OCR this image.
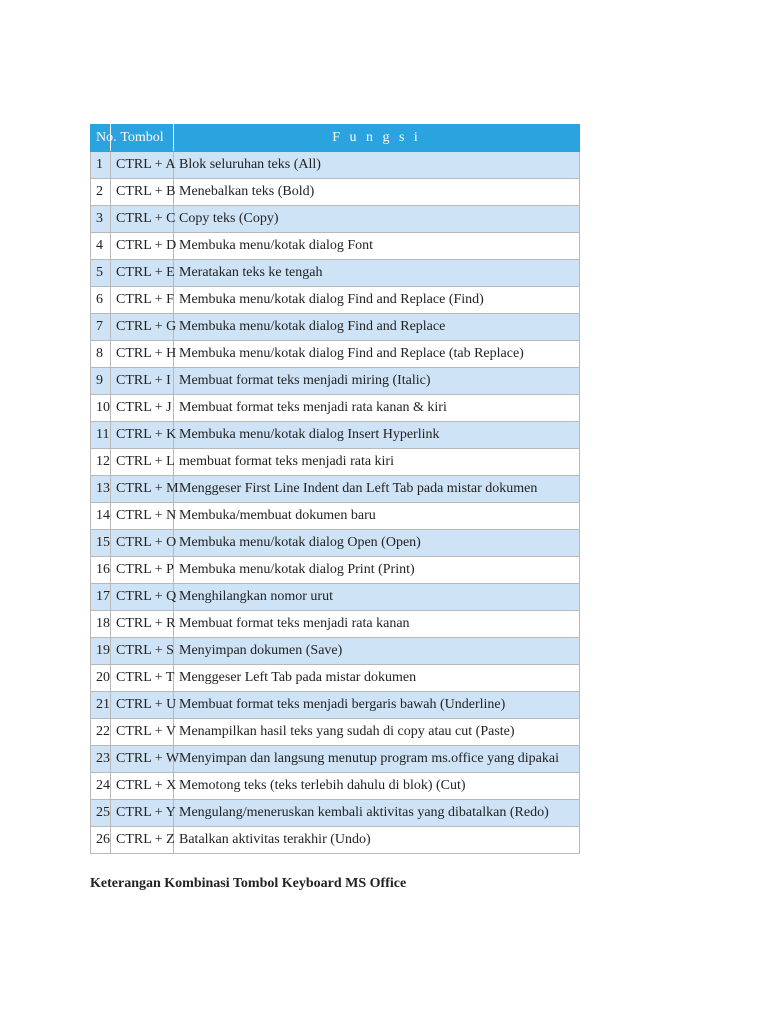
No.	Tombol	F u n g s i
1	CTRL + A	Blok seluruhan teks (All)
2	CTRL + B	Menebalkan teks (Bold)
3	CTRL + C	Copy teks (Copy)
4	CTRL + D	Membuka menu/kotak dialog Font
5	CTRL + E	Meratakan teks ke tengah
6	CTRL + F	Membuka menu/kotak dialog Find and Replace (Find)
7	CTRL + G	Membuka menu/kotak dialog Find and Replace
8	CTRL + H	Membuka menu/kotak dialog Find and Replace (tab Replace)
9	CTRL + I	Membuat format teks menjadi miring (Italic)
10	CTRL + J	Membuat format teks menjadi rata kanan & kiri
11	CTRL + K	Membuka menu/kotak dialog Insert Hyperlink
12	CTRL + L	membuat format teks menjadi rata kiri
13	CTRL + M	Menggeser First Line Indent dan Left Tab pada mistar dokumen
14	CTRL + N	Membuka/membuat dokumen baru
15	CTRL + O	Membuka menu/kotak dialog Open (Open)
16	CTRL + P	Membuka menu/kotak dialog Print (Print)
17	CTRL + Q	Menghilangkan nomor urut
18	CTRL + R	Membuat format teks menjadi rata kanan
19	CTRL + S	Menyimpan dokumen (Save)
20	CTRL + T	Menggeser Left Tab pada mistar dokumen
21	CTRL + U	Membuat format teks menjadi bergaris bawah (Underline)
22	CTRL + V	Menampilkan hasil teks yang sudah di copy atau cut (Paste)
23	CTRL + W	Menyimpan dan langsung menutup program ms.office yang dipakai
24	CTRL + X	Memotong teks (teks terlebih dahulu di blok) (Cut)
25	CTRL + Y	Mengulang/meneruskan kembali aktivitas yang dibatalkan (Redo)
26	CTRL + Z	Batalkan aktivitas terakhir (Undo)
Keterangan Kombinasi Tombol Keyboard MS Office
